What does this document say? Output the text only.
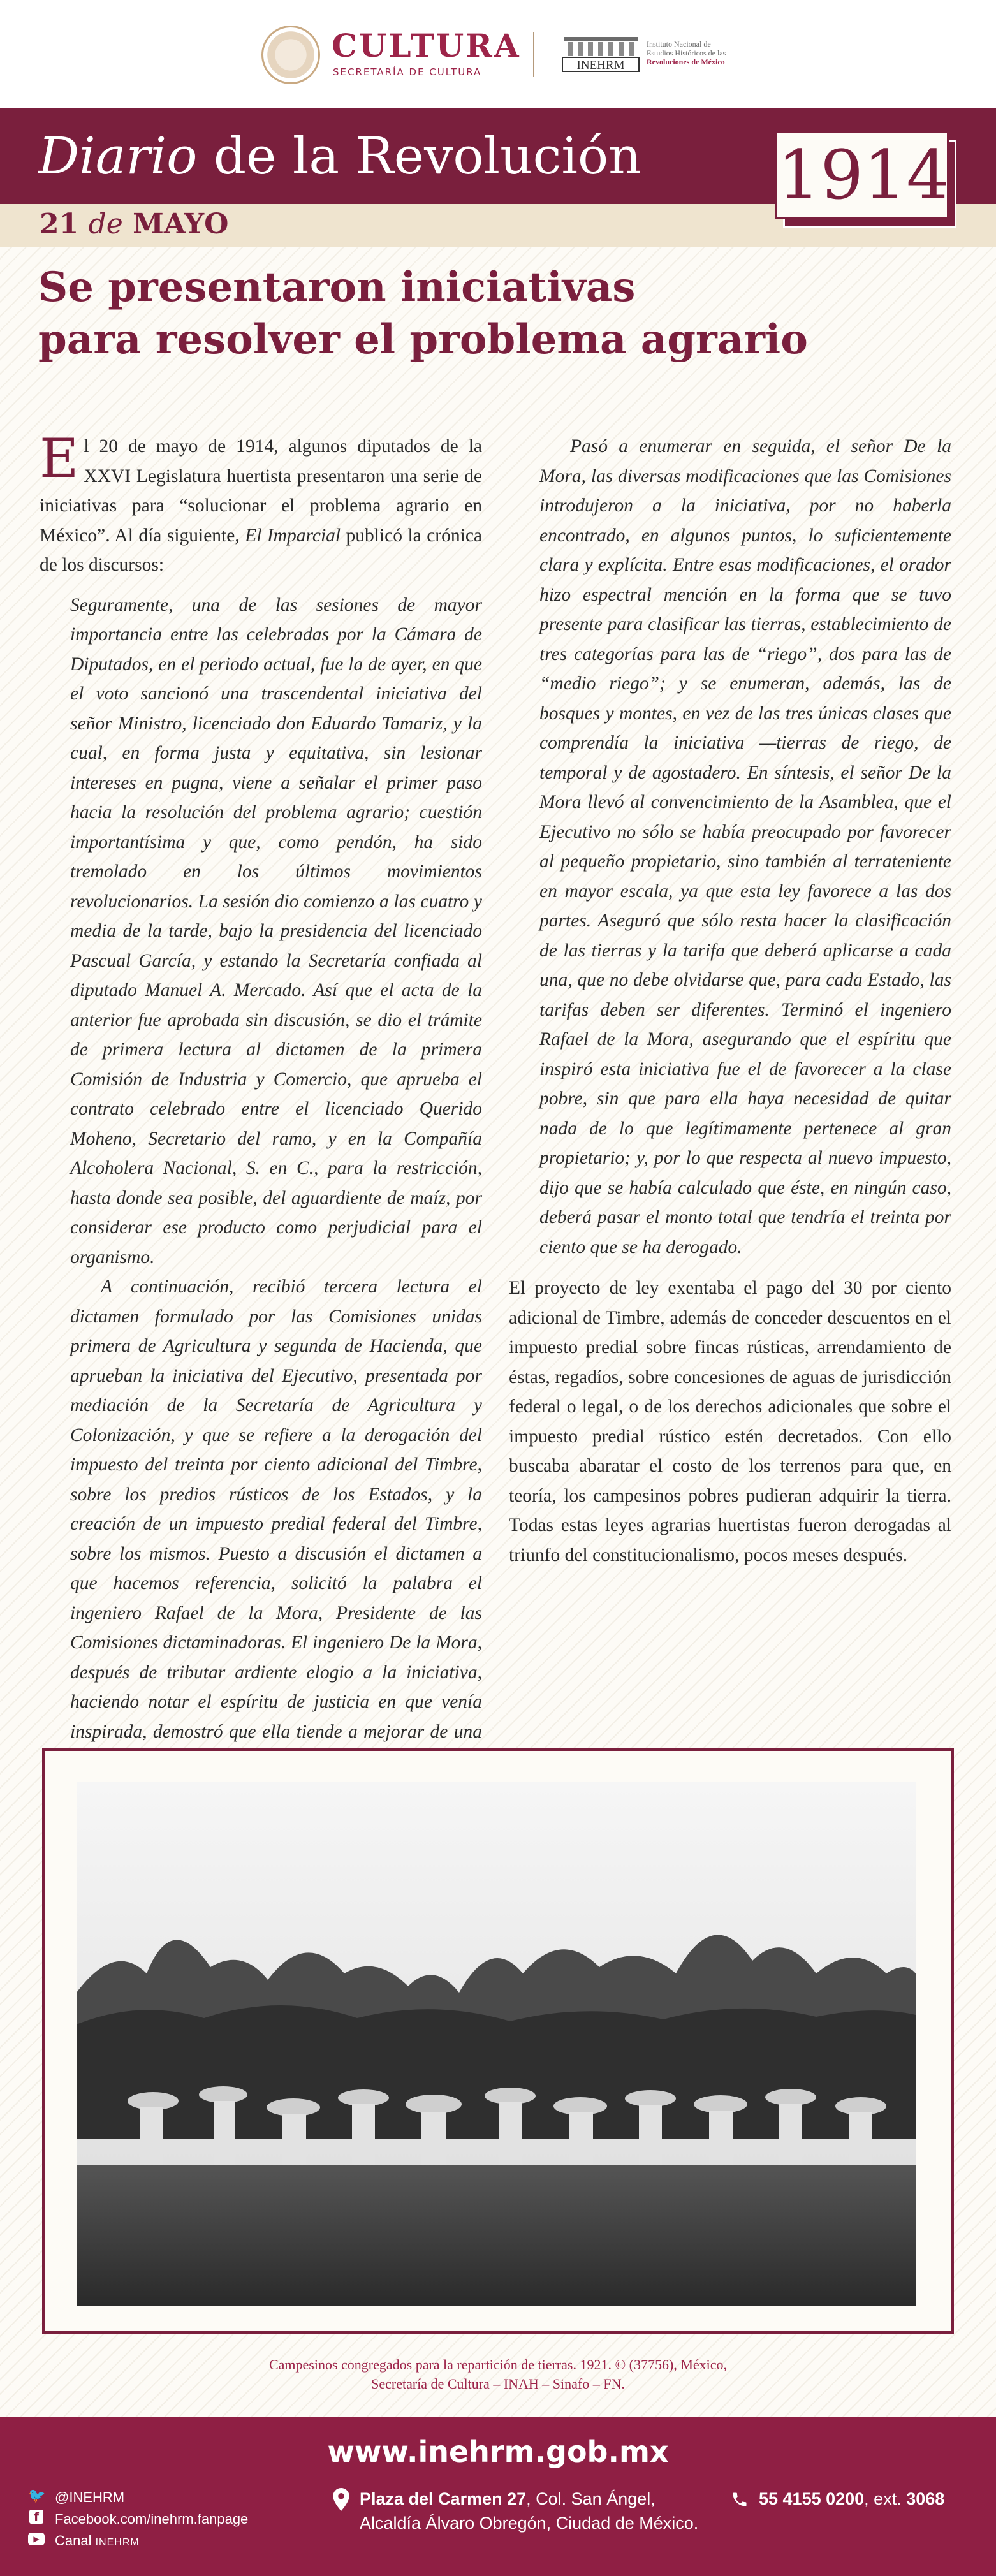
CULTURA
SECRETARÍA DE CULTURA	INEHRM
Instituto Nacional de
Estudios Históricos de las
Revoluciones de México
Diario de la Revolución
21 de MAYO
1914
Se presentaron iniciativas
para resolver el problema agrario

El 20 de mayo de 1914, algunos diputados de la XXVI Legislatura huertista presentaron una serie de iniciativas para “solucionar el problema agrario en México”. Al día siguiente, El Imparcial publicó la crónica de los discursos:

Seguramente, una de las sesiones de mayor importancia entre las celebradas por la Cámara de Diputados, en el periodo actual, fue la de ayer, en que el voto sancionó una trascendental iniciativa del señor Ministro, licenciado don Eduardo Tamariz, y la cual, en forma justa y equitativa, sin lesionar intereses en pugna, viene a señalar el primer paso hacia la resolución del problema agrario; cuestión importantísima y que, como pendón, ha sido tremolado en los últimos movimientos revolucionarios. La sesión dio comienzo a las cuatro y media de la tarde, bajo la presidencia del licenciado Pascual García, y estando la Secretaría confiada al diputado Manuel A. Mercado. Así que el acta de la anterior fue aprobada sin discusión, se dio el trámite de primera lectura al dictamen de la primera Comisión de Industria y Comercio, que aprueba el contrato celebrado entre el licenciado Querido Moheno, Secretario del ramo, y en la Compañía Alcoholera Nacional, S. en C., para la restricción, hasta donde sea posible, del aguardiente de maíz, por considerar ese producto como perjudicial para el organismo.

A continuación, recibió tercera lectura el dictamen formulado por las Comisiones unidas primera de Agricultura y segunda de Hacienda, que aprueban la iniciativa del Ejecutivo, presentada por mediación de la Secretaría de Agricultura y Colonización, y que se refiere a la derogación del impuesto del treinta por ciento adicional del Timbre, sobre los predios rústicos de los Estados, y la creación de un impuesto predial federal del Timbre, sobre los mismos. Puesto a discusión el dictamen a que hacemos referencia, solicitó la palabra el ingeniero Rafael de la Mora, Presidente de las Comisiones dictaminadoras. El ingeniero De la Mora, después de tributar ardiente elogio a la iniciativa, haciendo notar el espíritu de justicia en que venía inspirada, demostró que ella tiende a mejorar de una

Pasó a enumerar en seguida, el señor De la Mora, las diversas modificaciones que las Comisiones introdujeron a la iniciativa, por no haberla encontrado, en algunos puntos, lo suficientemente clara y explícita. Entre esas modificaciones, el orador hizo espectral mención en la forma que se tuvo presente para clasificar las tierras, establecimiento de tres categorías para las de “riego”, dos para las de “medio riego”; y se enumeran, además, las de bosques y montes, en vez de las tres únicas clases que comprendía la iniciativa —tierras de riego, de temporal y de agostadero. En síntesis, el señor De la Mora llevó al convencimiento de la Asamblea, que el Ejecutivo no sólo se había preocupado por favorecer al pequeño propietario, sino también al terrateniente en mayor escala, ya que esta ley favorece a las dos partes. Aseguró que sólo resta hacer la clasificación de las tierras y la tarifa que deberá aplicarse a cada una, que no debe olvidarse que, para cada Estado, las tarifas deben ser diferentes. Terminó el ingeniero Rafael de la Mora, asegurando que el espíritu que inspiró esta iniciativa fue el de favorecer a la clase pobre, sin que para ella haya necesidad de quitar nada de lo que legítimamente pertenece al gran propietario; y, por lo que respecta al nuevo impuesto, dijo que se había calculado que éste, en ningún caso, deberá pasar el monto total que tendría el treinta por ciento que se ha derogado.

El proyecto de ley exentaba el pago del 30 por ciento adicional de Timbre, además de conceder descuentos en el impuesto predial sobre fincas rústicas, arrendamiento de éstas, regadíos, sobre concesiones de aguas de jurisdicción federal o legal, o de los derechos adicionales que sobre el impuesto predial rústico estén decretados. Con ello buscaba abaratar el costo de los terrenos para que, en teoría, los campesinos pobres pudieran adquirir la tierra. Todas estas leyes agrarias huertistas fueron derogadas al triunfo del constitucionalismo, pocos meses después.

Campesinos congregados para la repartición de tierras. 1921. © (37756), México,
Secretaría de Cultura – INAH – Sinafo – FN.
www.inehrm.gob.mx
🐦 @INEHRM
f	Facebook.com/inehrm.fanpage
▶	Canal INEHRM
Plaza del Carmen 27, Col. San Ángel,
Alcaldía Álvaro Obregón, Ciudad de México.
55 4155 0200, ext. 3068
